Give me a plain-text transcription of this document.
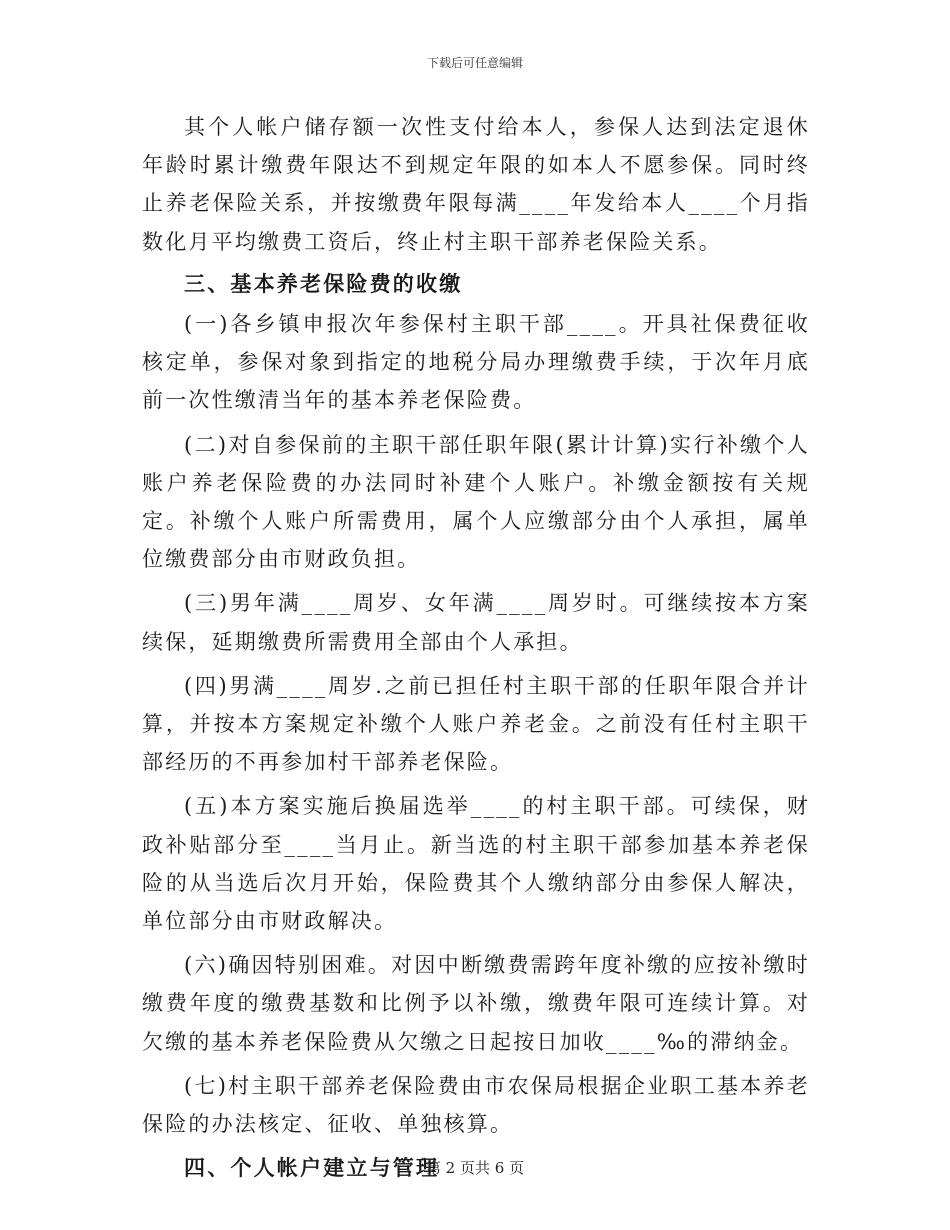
下载后可任意编辑

其个人帐户储存额一次性支付给本人，参保人达到法定退休年龄时累计缴费年限达不到规定年限的如本人不愿参保。同时终止养老保险关系，并按缴费年限每满____年发给本人____个月指数化月平均缴费工资后，终止村主职干部养老保险关系。

三、基本养老保险费的收缴

(一)各乡镇申报次年参保村主职干部____。开具社保费征收核定单，参保对象到指定的地税分局办理缴费手续，于次年月底前一次性缴清当年的基本养老保险费。

(二)对自参保前的主职干部任职年限(累计计算)实行补缴个人账户养老保险费的办法同时补建个人账户。补缴金额按有关规定。补缴个人账户所需费用，属个人应缴部分由个人承担，属单位缴费部分由市财政负担。

(三)男年满____周岁、女年满____周岁时。可继续按本方案续保，延期缴费所需费用全部由个人承担。

(四)男满____周岁.之前已担任村主职干部的任职年限合并计算，并按本方案规定补缴个人账户养老金。之前没有任村主职干部经历的不再参加村干部养老保险。

(五)本方案实施后换届选举____的村主职干部。可续保，财政补贴部分至____当月止。新当选的村主职干部参加基本养老保险的从当选后次月开始，保险费其个人缴纳部分由参保人解决，单位部分由市财政解决。

(六)确因特别困难。对因中断缴费需跨年度补缴的应按补缴时缴费年度的缴费基数和比例予以补缴，缴费年限可连续计算。对欠缴的基本养老保险费从欠缴之日起按日加收____‰的滞纳金。

(七)村主职干部养老保险费由市农保局根据企业职工基本养老保险的办法核定、征收、单独核算。

四、个人帐户建立与管理

第 2 页共 6 页
